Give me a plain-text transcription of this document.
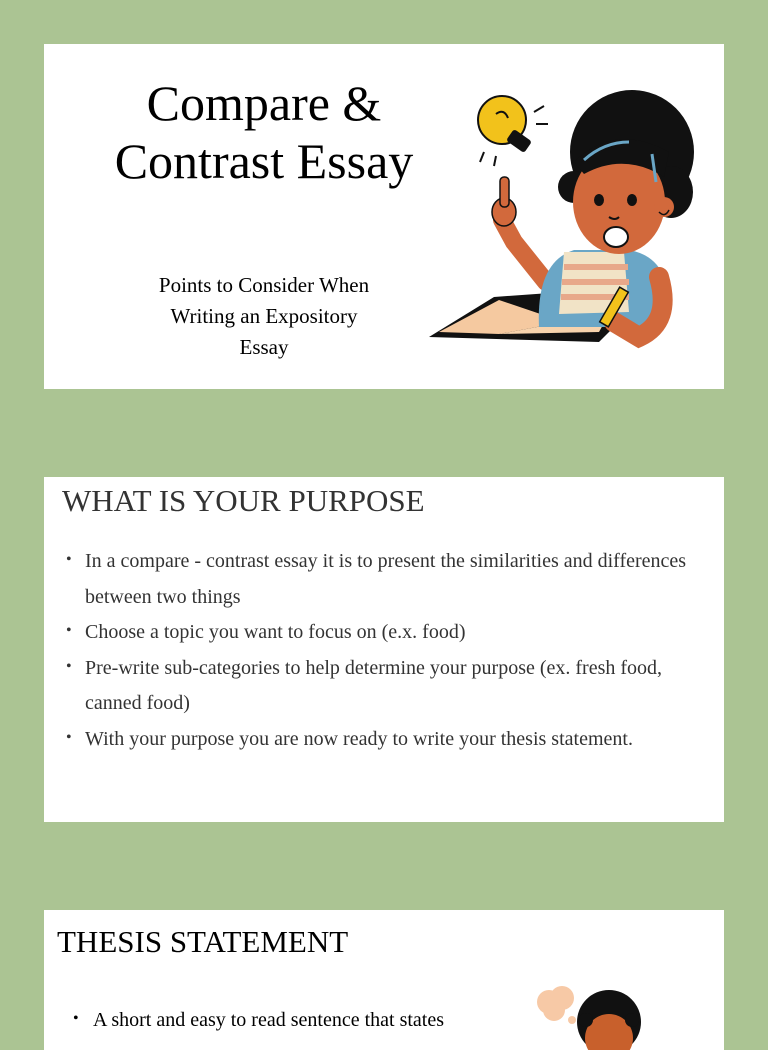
Compare &
Contrast Essay
Points to Consider When
Writing an Expository
Essay
WHAT IS YOUR PURPOSE
• In a compare - contrast essay it is to present the similarities and differences between two things
• Choose a topic you want to focus on (e.x. food)
• Pre-write sub-categories to help determine your purpose (ex. fresh food, canned food)
• With your purpose you are now ready to write your thesis statement.
THESIS STATEMENT
• A short and easy to read sentence that states
